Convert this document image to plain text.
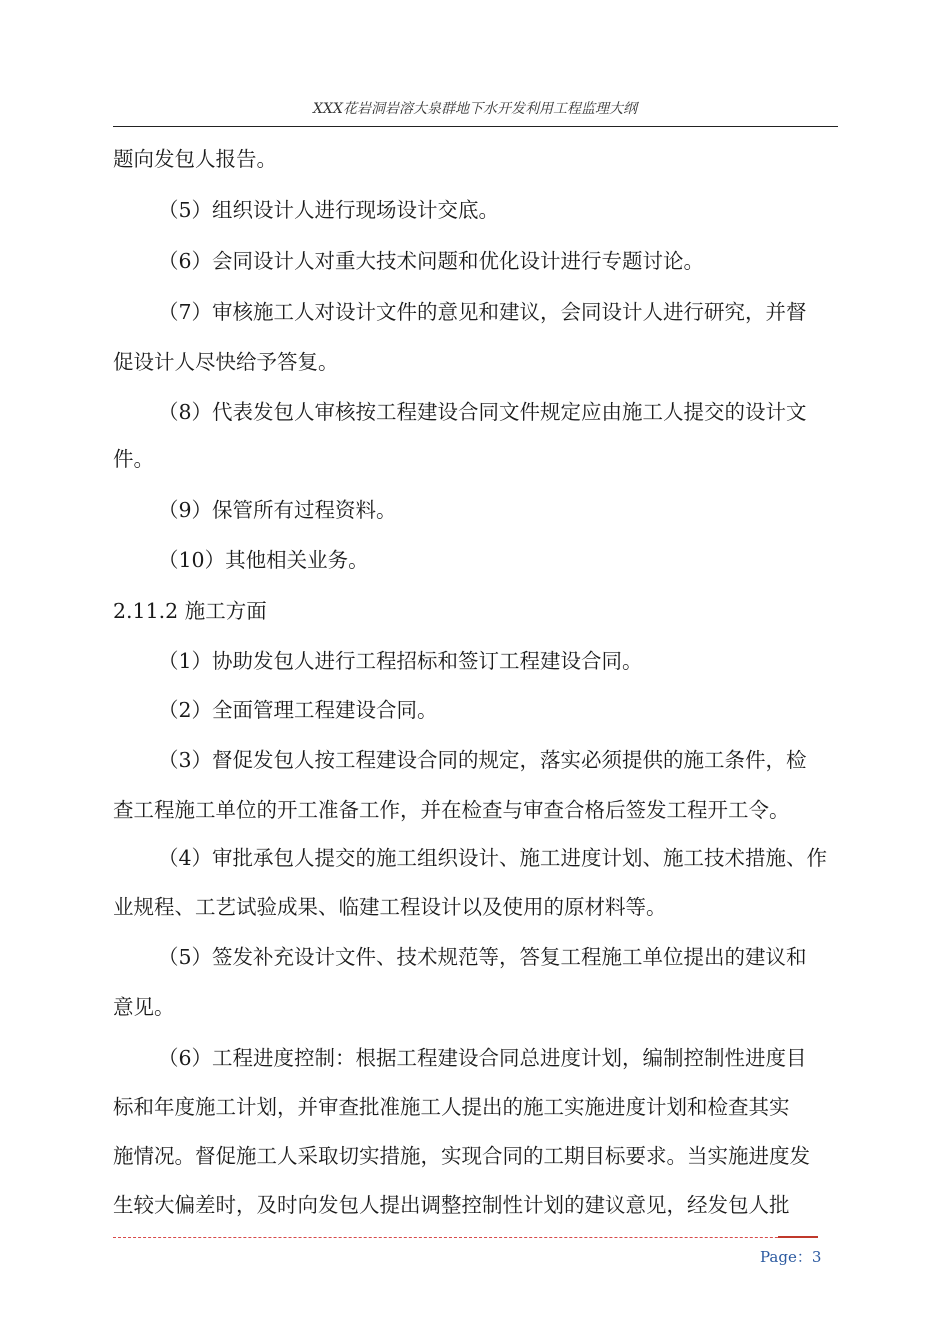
XXX花岩洞岩溶大泉群地下水开发利用工程监理大纲
题向发包人报告。
（5）组织设计人进行现场设计交底。
（6）会同设计人对重大技术问题和优化设计进行专题讨论。
（7）审核施工人对设计文件的意见和建议，会同设计人进行研究，并督
促设计人尽快给予答复。
（8）代表发包人审核按工程建设合同文件规定应由施工人提交的设计文
件。
（9）保管所有过程资料。
（10）其他相关业务。
2.11.2 施工方面
（1）协助发包人进行工程招标和签订工程建设合同。
（2）全面管理工程建设合同。
（3）督促发包人按工程建设合同的规定，落实必须提供的施工条件，检
查工程施工单位的开工准备工作，并在检查与审查合格后签发工程开工令。
（4）审批承包人提交的施工组织设计、施工进度计划、施工技术措施、作
业规程、工艺试验成果、临建工程设计以及使用的原材料等。
（5）签发补充设计文件、技术规范等，答复工程施工单位提出的建议和
意见。
（6）工程进度控制：根据工程建设合同总进度计划，编制控制性进度目
标和年度施工计划，并审查批准施工人提出的施工实施进度计划和检查其实
施情况。督促施工人采取切实措施，实现合同的工期目标要求。当实施进度发
生较大偏差时，及时向发包人提出调整控制性计划的建议意见，经发包人批
Page：3
